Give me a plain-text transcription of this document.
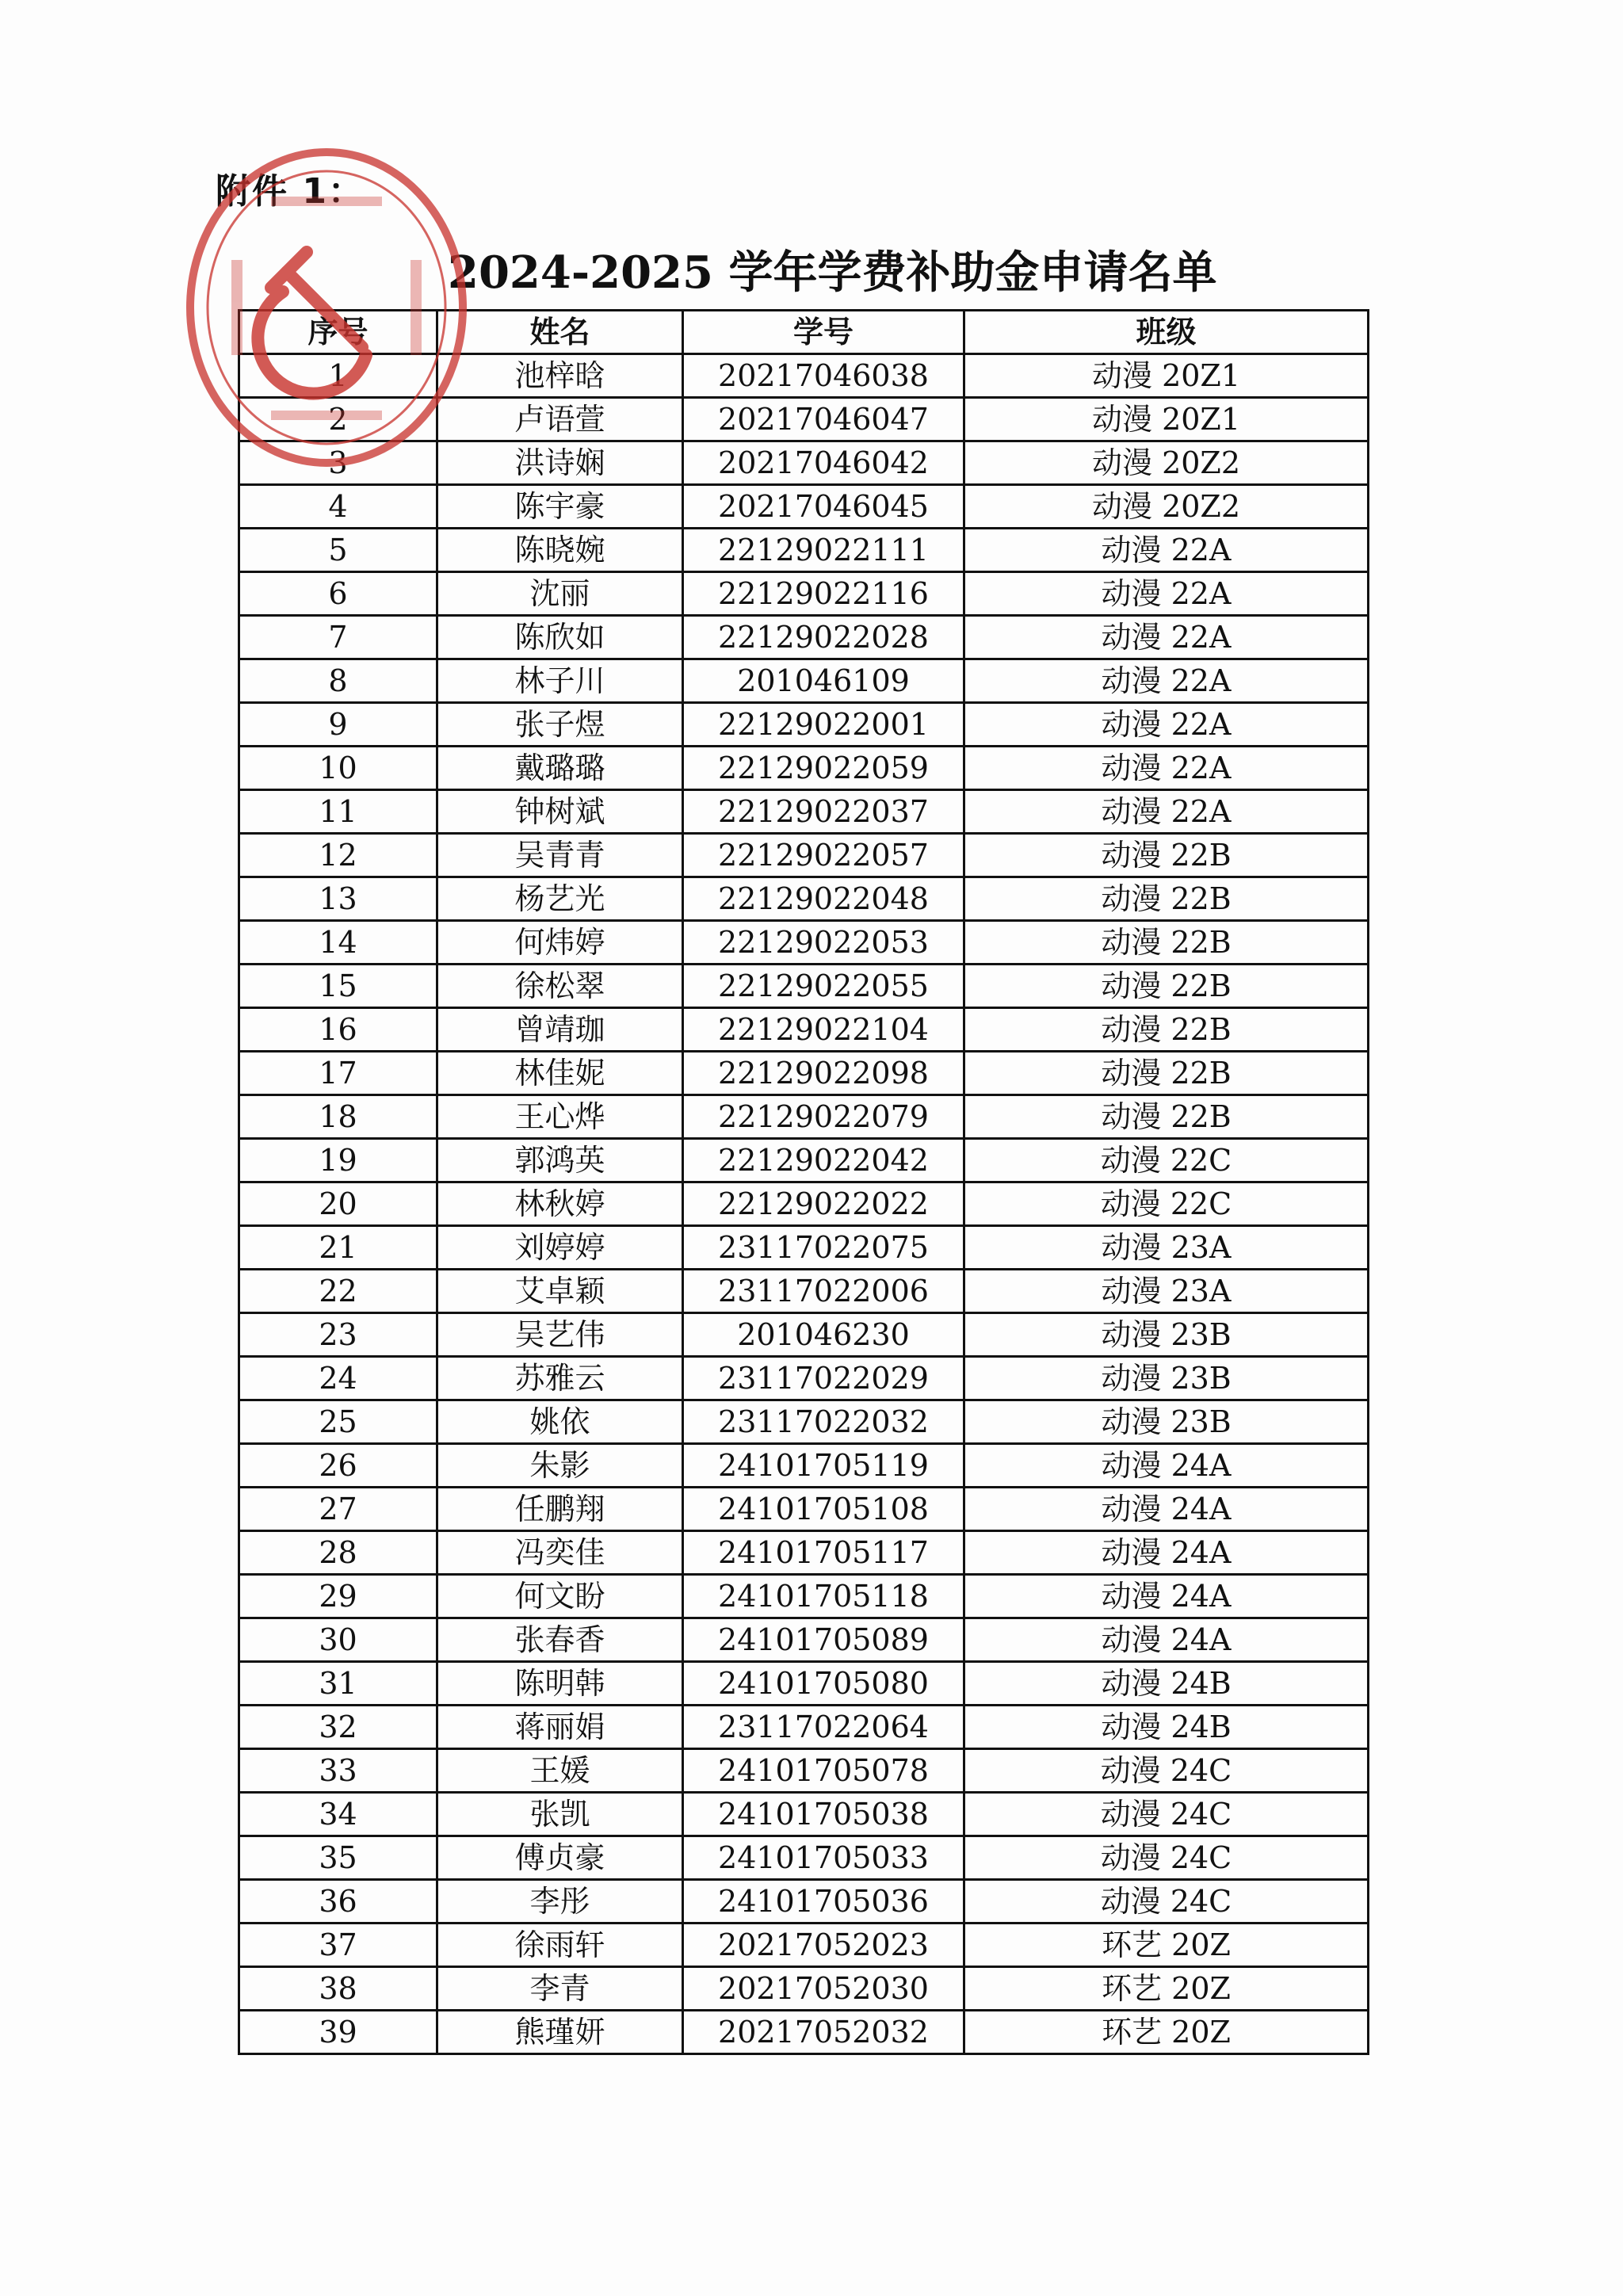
附件 1：
2024-2025 学年学费补助金申请名单
序号	姓名	学号	班级
1	池梓晗	20217046038	动漫 20Z1
2	卢语萱	20217046047	动漫 20Z1
3	洪诗娴	20217046042	动漫 20Z2
4	陈宇豪	20217046045	动漫 20Z2
5	陈晓婉	22129022111	动漫 22A
6	沈丽	22129022116	动漫 22A
7	陈欣如	22129022028	动漫 22A
8	林子川	201046109	动漫 22A
9	张子煜	22129022001	动漫 22A
10	戴璐璐	22129022059	动漫 22A
11	钟树斌	22129022037	动漫 22A
12	吴青青	22129022057	动漫 22B
13	杨艺光	22129022048	动漫 22B
14	何炜婷	22129022053	动漫 22B
15	徐松翠	22129022055	动漫 22B
16	曾靖珈	22129022104	动漫 22B
17	林佳妮	22129022098	动漫 22B
18	王心烨	22129022079	动漫 22B
19	郭鸿英	22129022042	动漫 22C
20	林秋婷	22129022022	动漫 22C
21	刘婷婷	23117022075	动漫 23A
22	艾卓颖	23117022006	动漫 23A
23	吴艺伟	201046230	动漫 23B
24	苏雅云	23117022029	动漫 23B
25	姚依	23117022032	动漫 23B
26	朱影	24101705119	动漫 24A
27	任鹏翔	24101705108	动漫 24A
28	冯奕佳	24101705117	动漫 24A
29	何文盼	24101705118	动漫 24A
30	张春香	24101705089	动漫 24A
31	陈明韩	24101705080	动漫 24B
32	蒋丽娟	23117022064	动漫 24B
33	王媛	24101705078	动漫 24C
34	张凯	24101705038	动漫 24C
35	傅贞豪	24101705033	动漫 24C
36	李彤	24101705036	动漫 24C
37	徐雨轩	20217052023	环艺 20Z
38	李青	20217052030	环艺 20Z
39	熊瑾妍	20217052032	环艺 20Z
